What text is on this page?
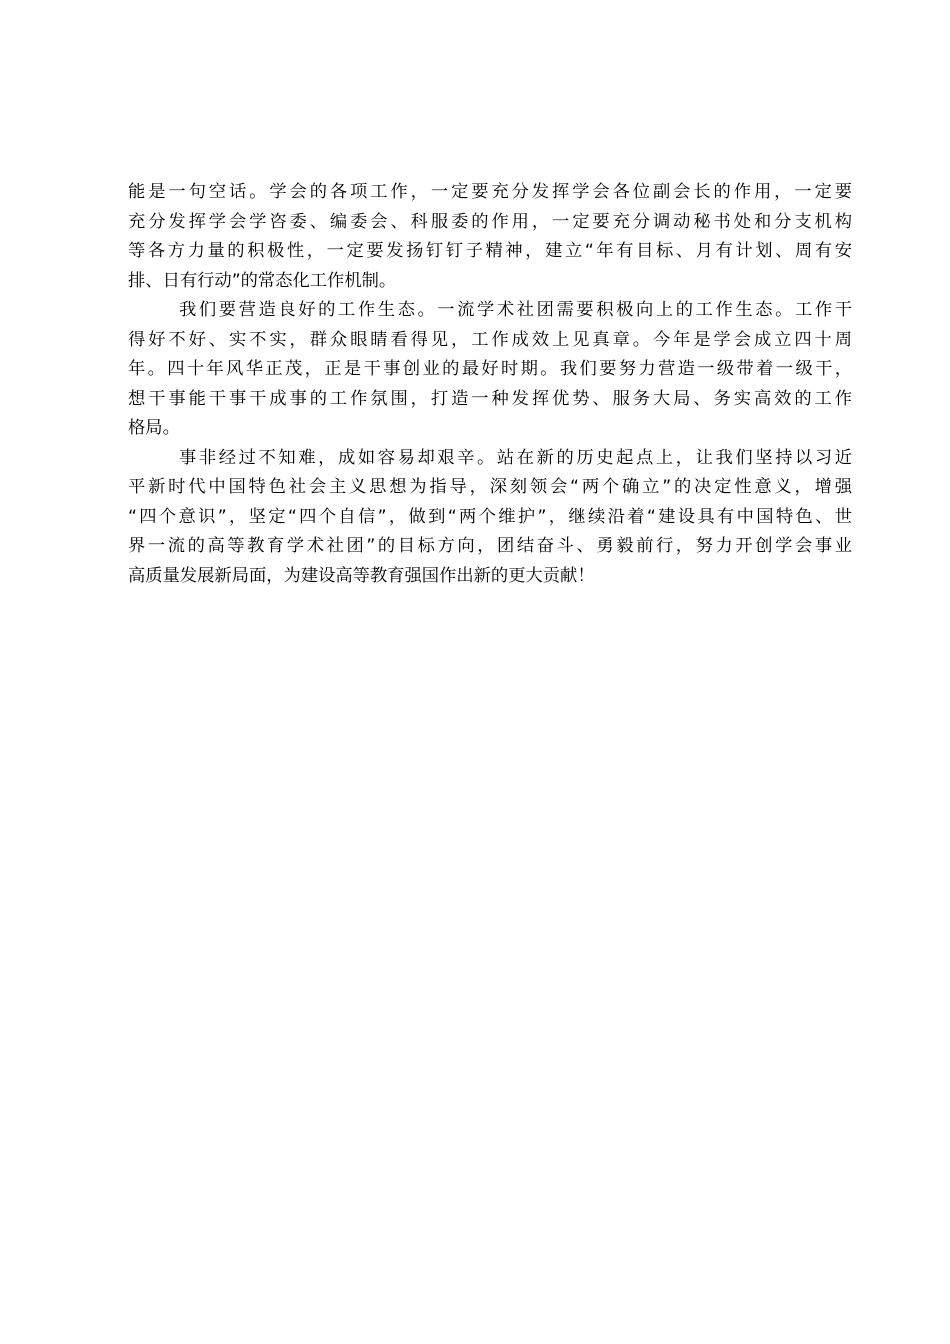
能是一句空话。学会的各项工作，一定要充分发挥学会各位副会长的作用，一定要
充分发挥学会学咨委、编委会、科服委的作用，一定要充分调动秘书处和分支机构
等各方力量的积极性，一定要发扬钉钉子精神，建立“年有目标、月有计划、周有安
排、日有行动”的常态化工作机制。
我们要营造良好的工作生态。一流学术社团需要积极向上的工作生态。工作干
得好不好、实不实，群众眼睛看得见，工作成效上见真章。今年是学会成立四十周
年。四十年风华正茂，正是干事创业的最好时期。我们要努力营造一级带着一级干，
想干事能干事干成事的工作氛围，打造一种发挥优势、服务大局、务实高效的工作
格局。
事非经过不知难，成如容易却艰辛。站在新的历史起点上，让我们坚持以习近
平新时代中国特色社会主义思想为指导，深刻领会“两个确立”的决定性意义，增强
“四个意识”，坚定“四个自信”，做到“两个维护”，继续沿着“建设具有中国特色、世
界一流的高等教育学术社团”的目标方向，团结奋斗、勇毅前行，努力开创学会事业
高质量发展新局面，为建设高等教育强国作出新的更大贡献！
